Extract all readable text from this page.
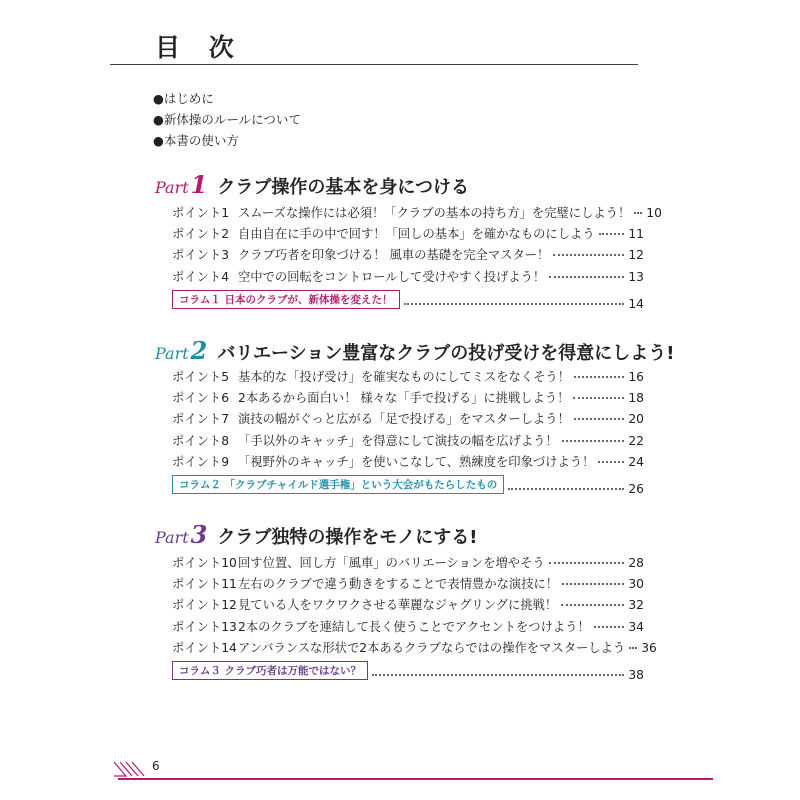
目 次
● はじめに
● 新体操のルールについて
● 本書の使い方
Part1 クラブ操作の基本を身につける
ポイント1 スムーズな操作には必須！「クラブの基本の持ち方」を完璧にしよう！ 10
ポイント2 自由自在に手の中で回す！「回しの基本」を確かなものにしよう	11
ポイント3 クラブ巧者を印象づける！ 風車の基礎を完全マスター！	12
ポイント4 空中での回転をコントロールして受けやすく投げよう！	13
コラム１ 日本のクラブが、新体操を変えた！	14
Part2 バリエーション豊富なクラブの投げ受けを得意にしよう!
ポイント5 基本的な「投げ受け」を確実なものにしてミスをなくそう！	16
ポイント6 2本あるから面白い！ 様々な「手で投げる」に挑戦しよう！	18
ポイント7 演技の幅がぐっと広がる「足で投げる」をマスターしよう！	20
ポイント8 「手以外のキャッチ」を得意にして演技の幅を広げよう！	22
ポイント9 「視野外のキャッチ」を使いこなして、熟練度を印象づけよう！	24
コラム２ 「クラブチャイルド選手権」という大会がもたらしたもの	26
Part3 クラブ独特の操作をモノにする!
ポイント10 回す位置、回し方「風車」のバリエーションを増やそう	28
ポイント11 左右のクラブで違う動きをすることで表情豊かな演技に！	30
ポイント12 見ている人をワクワクさせる華麗なジャグリングに挑戦！	32
ポイント13 2本のクラブを連結して長く使うことでアクセントをつけよう！	34
ポイント14 アンバランスな形状で2本あるクラブならではの操作をマスターしよう 36
コラム３ クラブ巧者は万能ではない？	38
6
